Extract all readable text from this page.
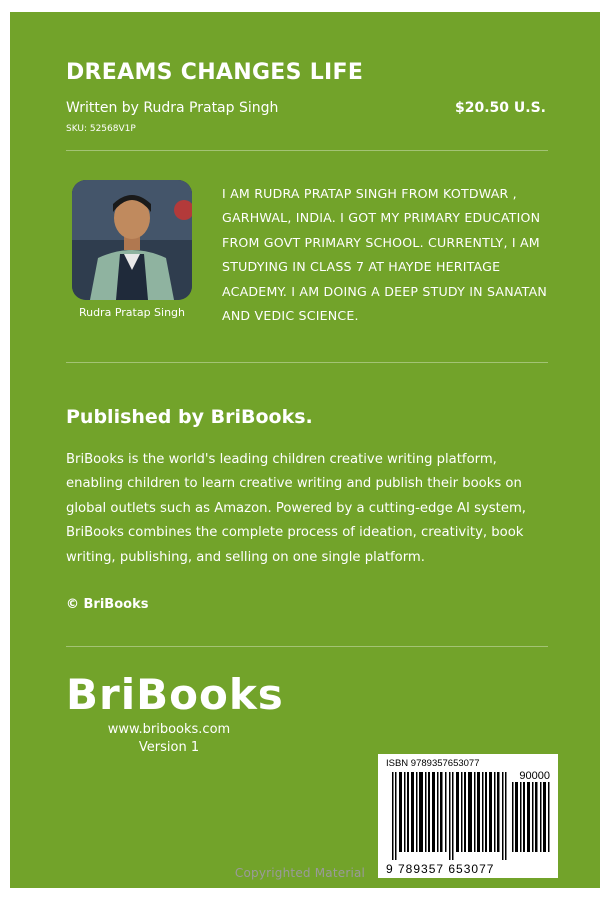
DREAMS CHANGES LIFE
Written by Rudra Pratap Singh	$20.50 U.S.
SKU: 52568V1P
Rudra Pratap Singh
I AM RUDRA PRATAP SINGH FROM KOTDWAR , GARHWAL, INDIA. I GOT MY PRIMARY EDUCATION FROM GOVT PRIMARY SCHOOL. CURRENTLY, I AM STUDYING IN CLASS 7 AT HAYDE HERITAGE ACADEMY. I AM DOING A DEEP STUDY IN SANATAN AND VEDIC SCIENCE.
Published by BriBooks.
BriBooks is the world's leading children creative writing platform, enabling children to learn creative writing and publish their books on global outlets such as Amazon. Powered by a cutting-edge AI system, BriBooks combines the complete process of ideation, creativity, book writing, publishing, and selling on one single platform.
© BriBooks
BriBooks
www.bribooks.com
Version 1
ISBN 9789357653077
90000
9 789357 653077
Copyrighted Material
